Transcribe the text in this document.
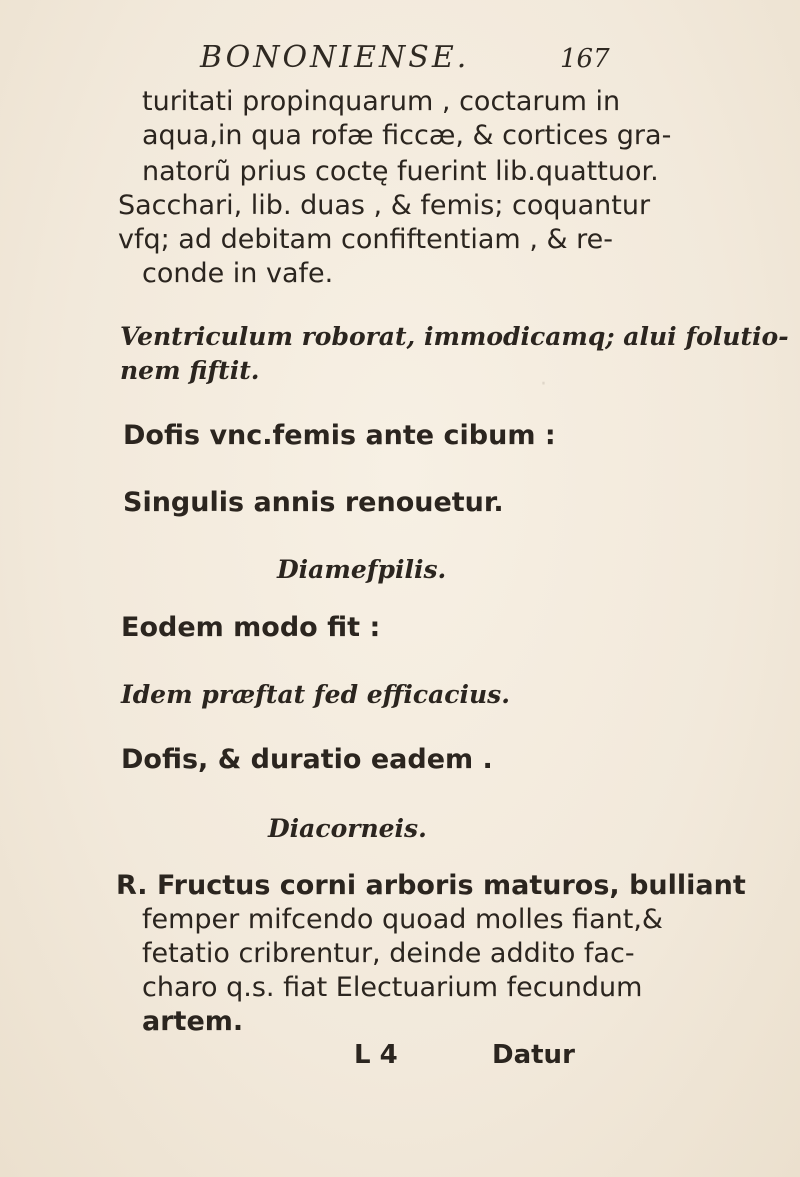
·
BONONIENSE.	167
turitati propinquarum , coctarum in
aqua,in qua rofæ ficcæ, & cortices gra-
natorũ prius coctę fuerint lib.quattuor.
Sacchari, lib. duas , & femis; coquantur
vfq; ad debitam confiftentiam , & re-
conde in vafe.
Ventriculum roborat, immodicamq; alui folutio-
nem fiftit.
Dofis vnc.femis ante cibum :
Singulis annis renouetur.
Diamefpilis.
Eodem modo fit :
Idem præftat fed efficacius.
Dofis, & duratio eadem .
Diacorneis.
R. Fructus corni arboris maturos, bulliant
femper mifcendo quoad molles fiant,&
fetatio cribrentur, deinde addito fac-
charo q.s. fiat Electuarium fecundum
artem.
L 4	Datur
